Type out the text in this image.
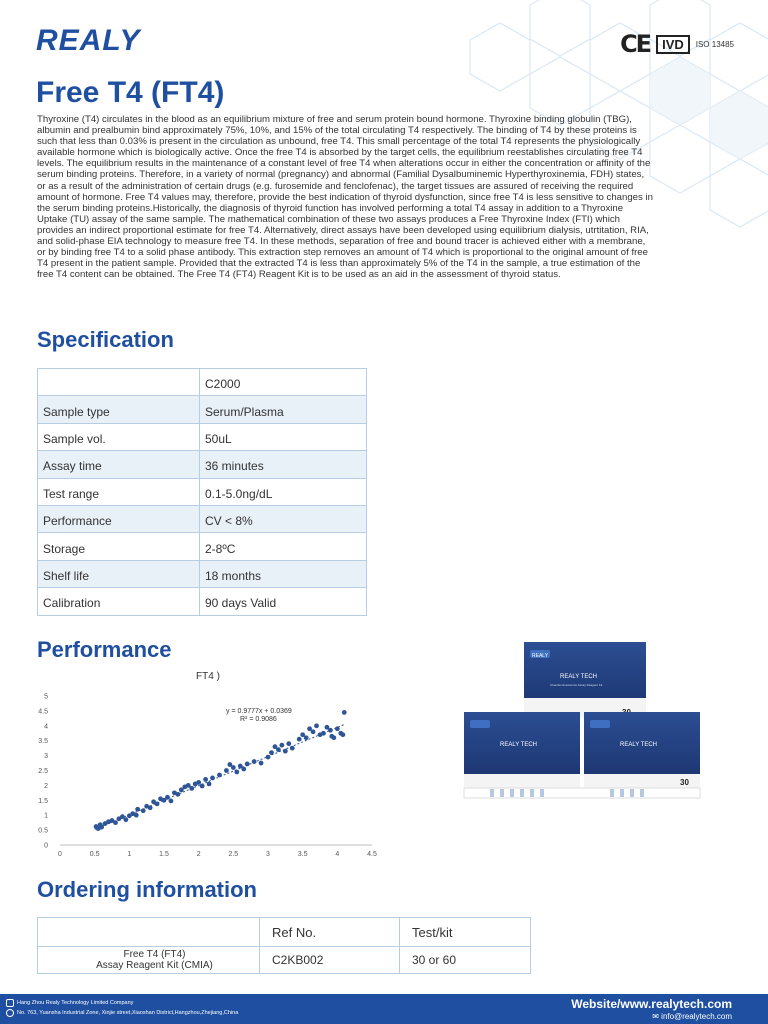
REALY	CE IVD	ISO 13485
Free T4 (FT4)
Thyroxine (T4) circulates in the blood as an equilibrium mixture of free and serum protein bound hormone. Thyroxine binding globulin (TBG), albumin and prealbumin bind approximately 75%, 10%, and 15% of the total circulating T4 respectively. The binding of T4 by these proteins is such that less than 0.03% is present in the circulation as unbound, free T4. This small percentage of the total T4 represents the physiologically available hormone which is biologically active. Once the free T4 is absorbed by the target cells, the equilibrium reestablishes circulating free T4 levels. The equilibrium results in the maintenance of a constant level of free T4 when alterations occur in either the concentration or affinity of the serum binding proteins. Therefore, in a variety of normal (pregnancy) and abnormal (Familial Dysalbuminemic Hyperthyroxinemia, FDH) states, or as a result of the administration of certain drugs (e.g. furosemide and fenclofenac), the target tissues are assured of receiving the required amount of hormone. Free T4 values may, therefore, provide the best indication of thyroid dysfunction, since free T4 is less sensitive to changes in the serum binding proteins.Historically, the diagnosis of thyroid function has involved performing a total T4 assay in addition to a Thyroxine Uptake (TU) assay of the same sample. The mathematical combination of these two assays produces a Free Thyroxine Index (FTI) which provides an indirect proportional estimate for free T4. Alternatively, direct assays have been developed using equilibrium dialysis, utrtitation, RIA, and solid-phase EIA technology to measure free T4. In these methods, separation of free and bound tracer is achieved either with a membrane, or by binding free T4 to a solid phase antibody. This extraction step removes an amount of T4 which is proportional to the original amount of free T4 present in the patient sample. Provided that the extracted T4 is less than approximately 5% of the T4 in the sample, a true estimation of the free T4 content can be obtained. The Free T4 (FT4) Reagent Kit is to be used as an aid in the assessment of thyroid status.
Specification
	C2000
Sample type	Serum/Plasma
Sample vol.	50uL
Assay time	36 minutes
Test range	0.1-5.0ng/dL
Performance	CV < 8%
Storage	2-8ºC
Shelf life	18 months
Calibration	90 days Valid
Performance
FT4 )
0	0.5	1	1.5	2	2.5	3	3.5	4	4.5
0
0.5
1
1.5
2
2.5
3
3.5
4
4.5
5
y = 0.9777x + 0.0369
R² = 0.9086
REALY
REALY TECH
Chemiluminescence Assay Reagent Kit
REALY TECH	REALY TECH
30
Ordering information
	Ref No.	Test/kit

Free T4 (FT4)
Assay Reagent Kit (CMIA)	C2KB002	30 or 60
Hang Zhou Realy Technology Limited Company
No. 763, Yuansha Industrial Zone, Xinjie street,Xiaoshan District,Hangzhou,Zhejiang,China
Website/www.realytech.com
✉ info@realytech.com
